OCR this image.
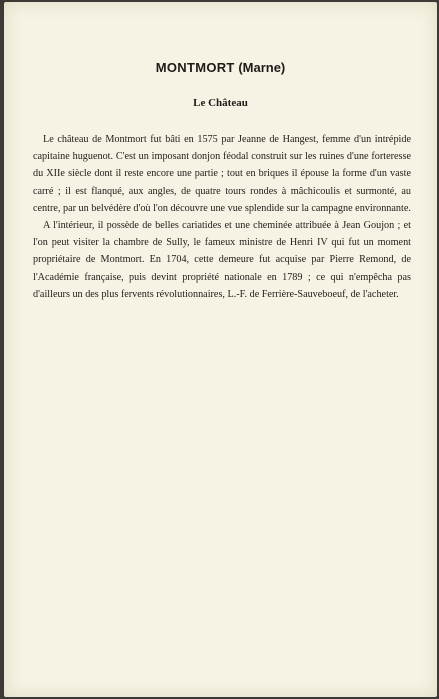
MONTMORT (Marne)
Le Château

Le château de Montmort fut bâti en 1575 par Jeanne de Hangest, femme d'un intrépide capitaine huguenot. C'est un imposant donjon féodal construit sur les ruines d'une forteresse du XIIe siècle dont il reste encore une partie ; tout en briques il épouse la forme d'un vaste carré ; il est flanqué, aux angles, de quatre tours rondes à mâchicoulis et surmonté, au centre, par un belvédère d'où l'on découvre une vue splendide sur la campagne environnante.

A l'intérieur, il possède de belles cariatides et une cheminée attribuée à Jean Goujon ; et l'on peut visiter la chambre de Sully, le fameux ministre de Henri IV qui fut un moment propriétaire de Montmort. En 1704, cette demeure fut acquise par Pierre Remond, de l'Académie française, puis devint propriété nationale en 1789 ; ce qui n'empêcha pas d'ailleurs un des plus fervents révolutionnaires, L.-F. de Ferrière-Sauveboeuf, de l'acheter.
